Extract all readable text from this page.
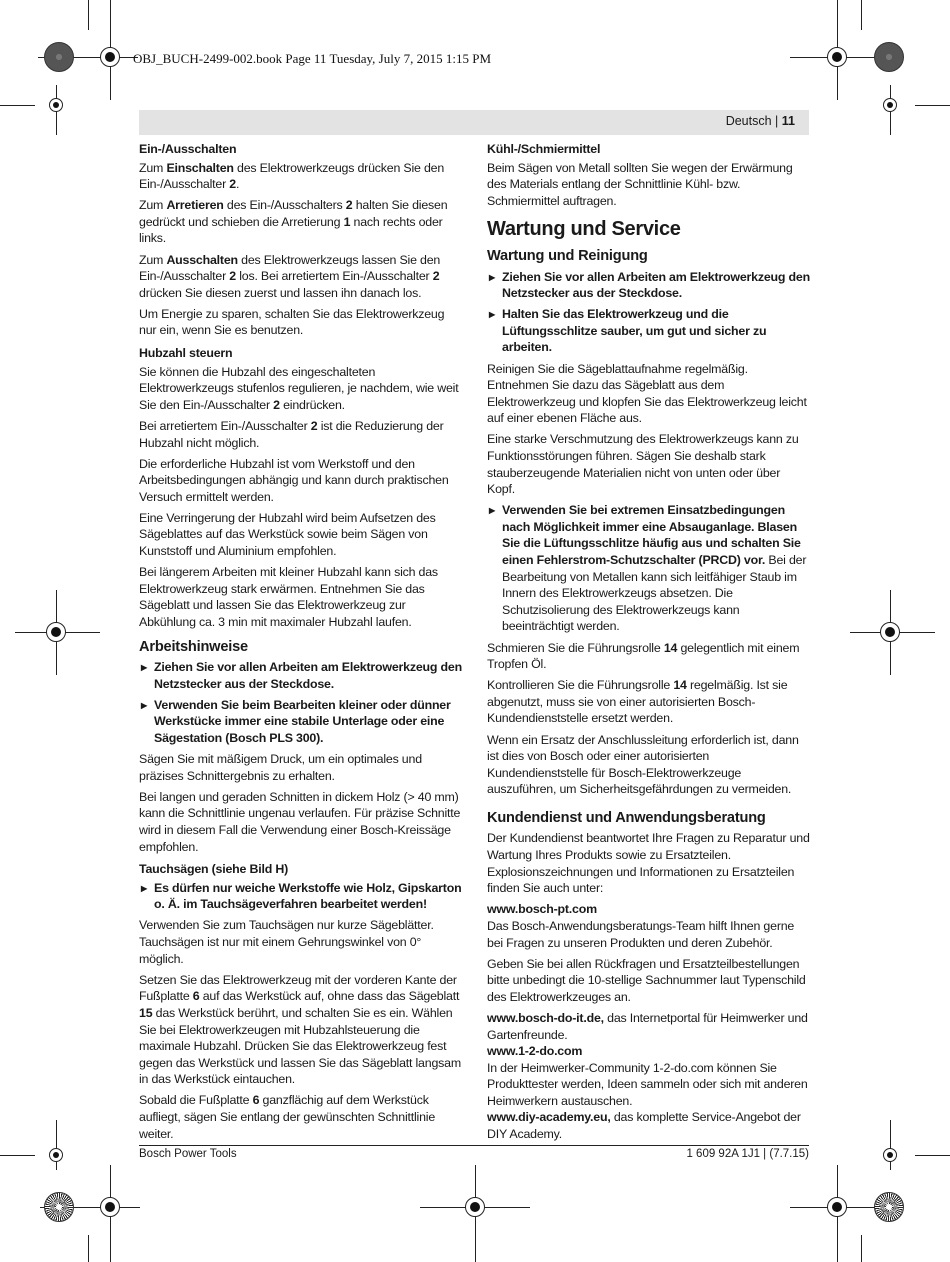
OBJ_BUCH-2499-002.book Page 11 Tuesday, July 7, 2015 1:15 PM
Deutsch | 11
Ein-/Ausschalten

Zum Einschalten des Elektrowerkzeugs drücken Sie den Ein-/Ausschalter 2.

Zum Arretieren des Ein-/Ausschalters 2 halten Sie diesen gedrückt und schieben die Arretierung 1 nach rechts oder links.

Zum Ausschalten des Elektrowerkzeugs lassen Sie den Ein-/Ausschalter 2 los. Bei arretiertem Ein-/Ausschalter 2 drücken Sie diesen zuerst und lassen ihn danach los.

Um Energie zu sparen, schalten Sie das Elektrowerkzeug nur ein, wenn Sie es benutzen.

Hubzahl steuern

Sie können die Hubzahl des eingeschalteten Elektrowerkzeugs stufenlos regulieren, je nachdem, wie weit Sie den Ein-/Ausschalter 2 eindrücken.

Bei arretiertem Ein-/Ausschalter 2 ist die Reduzierung der Hubzahl nicht möglich.

Die erforderliche Hubzahl ist vom Werkstoff und den Arbeitsbedingungen abhängig und kann durch praktischen Versuch ermittelt werden.

Eine Verringerung der Hubzahl wird beim Aufsetzen des Sägeblattes auf das Werkstück sowie beim Sägen von Kunststoff und Aluminium empfohlen.

Bei längerem Arbeiten mit kleiner Hubzahl kann sich das Elektrowerkzeug stark erwärmen. Entnehmen Sie das Sägeblatt und lassen Sie das Elektrowerkzeug zur Abkühlung ca. 3 min mit maximaler Hubzahl laufen.

Arbeitshinweise
▶ Ziehen Sie vor allen Arbeiten am Elektrowerkzeug den Netzstecker aus der Steckdose.
▶ Verwenden Sie beim Bearbeiten kleiner oder dünner Werkstücke immer eine stabile Unterlage oder eine Sägestation (Bosch PLS 300).

Sägen Sie mit mäßigem Druck, um ein optimales und präzises Schnittergebnis zu erhalten.

Bei langen und geraden Schnitten in dickem Holz (> 40 mm) kann die Schnittlinie ungenau verlaufen. Für präzise Schnitte wird in diesem Fall die Verwendung einer Bosch-Kreissäge empfohlen.

Tauchsägen (siehe Bild H)
▶ Es dürfen nur weiche Werkstoffe wie Holz, Gipskarton o. Ä. im Tauchsägeverfahren bearbeitet werden!

Verwenden Sie zum Tauchsägen nur kurze Sägeblätter. Tauchsägen ist nur mit einem Gehrungswinkel von 0° möglich.

Setzen Sie das Elektrowerkzeug mit der vorderen Kante der Fußplatte 6 auf das Werkstück auf, ohne dass das Sägeblatt 15 das Werkstück berührt, und schalten Sie es ein. Wählen Sie bei Elektrowerkzeugen mit Hubzahlsteuerung die maximale Hubzahl. Drücken Sie das Elektrowerkzeug fest gegen das Werkstück und lassen Sie das Sägeblatt langsam in das Werkstück eintauchen.

Sobald die Fußplatte 6 ganzflächig auf dem Werkstück aufliegt, sägen Sie entlang der gewünschten Schnittlinie weiter.

Kühl-/Schmiermittel

Beim Sägen von Metall sollten Sie wegen der Erwärmung des Materials entlang der Schnittlinie Kühl- bzw. Schmiermittel auftragen.

Wartung und Service
Wartung und Reinigung
▶ Ziehen Sie vor allen Arbeiten am Elektrowerkzeug den Netzstecker aus der Steckdose.
▶ Halten Sie das Elektrowerkzeug und die Lüftungsschlitze sauber, um gut und sicher zu arbeiten.

Reinigen Sie die Sägeblattaufnahme regelmäßig. Entnehmen Sie dazu das Sägeblatt aus dem Elektrowerkzeug und klopfen Sie das Elektrowerkzeug leicht auf einer ebenen Fläche aus.

Eine starke Verschmutzung des Elektrowerkzeugs kann zu Funktionsstörungen führen. Sägen Sie deshalb stark stauberzeugende Materialien nicht von unten oder über Kopf.

▶ Verwenden Sie bei extremen Einsatzbedingungen nach Möglichkeit immer eine Absauganlage. Blasen Sie die Lüftungsschlitze häufig aus und schalten Sie einen Fehlerstrom-Schutzschalter (PRCD) vor. Bei der Bearbeitung von Metallen kann sich leitfähiger Staub im Innern des Elektrowerkzeugs absetzen. Die Schutzisolierung des Elektrowerkzeugs kann beeinträchtigt werden.

Schmieren Sie die Führungsrolle 14 gelegentlich mit einem Tropfen Öl.

Kontrollieren Sie die Führungsrolle 14 regelmäßig. Ist sie abgenutzt, muss sie von einer autorisierten Bosch-Kundendienststelle ersetzt werden.

Wenn ein Ersatz der Anschlussleitung erforderlich ist, dann ist dies von Bosch oder einer autorisierten Kundendienststelle für Bosch-Elektrowerkzeuge auszuführen, um Sicherheitsgefährdungen zu vermeiden.

Kundendienst und Anwendungsberatung

Der Kundendienst beantwortet Ihre Fragen zu Reparatur und Wartung Ihres Produkts sowie zu Ersatzteilen. Explosionszeichnungen und Informationen zu Ersatzteilen finden Sie auch unter:

www.bosch-pt.com

Das Bosch-Anwendungsberatungs-Team hilft Ihnen gerne bei Fragen zu unseren Produkten und deren Zubehör.

Geben Sie bei allen Rückfragen und Ersatzteilbestellungen bitte unbedingt die 10-stellige Sachnummer laut Typenschild des Elektrowerkzeuges an.

www.bosch-do-it.de, das Internetportal für Heimwerker und Gartenfreunde.

www.1-2-do.com

In der Heimwerker-Community 1-2-do.com können Sie Produkttester werden, Ideen sammeln oder sich mit anderen Heimwerkern austauschen.

www.diy-academy.eu, das komplette Service-Angebot der DIY Academy.

Bosch Power Tools	1 609 92A 1J1 | (7.7.15)
